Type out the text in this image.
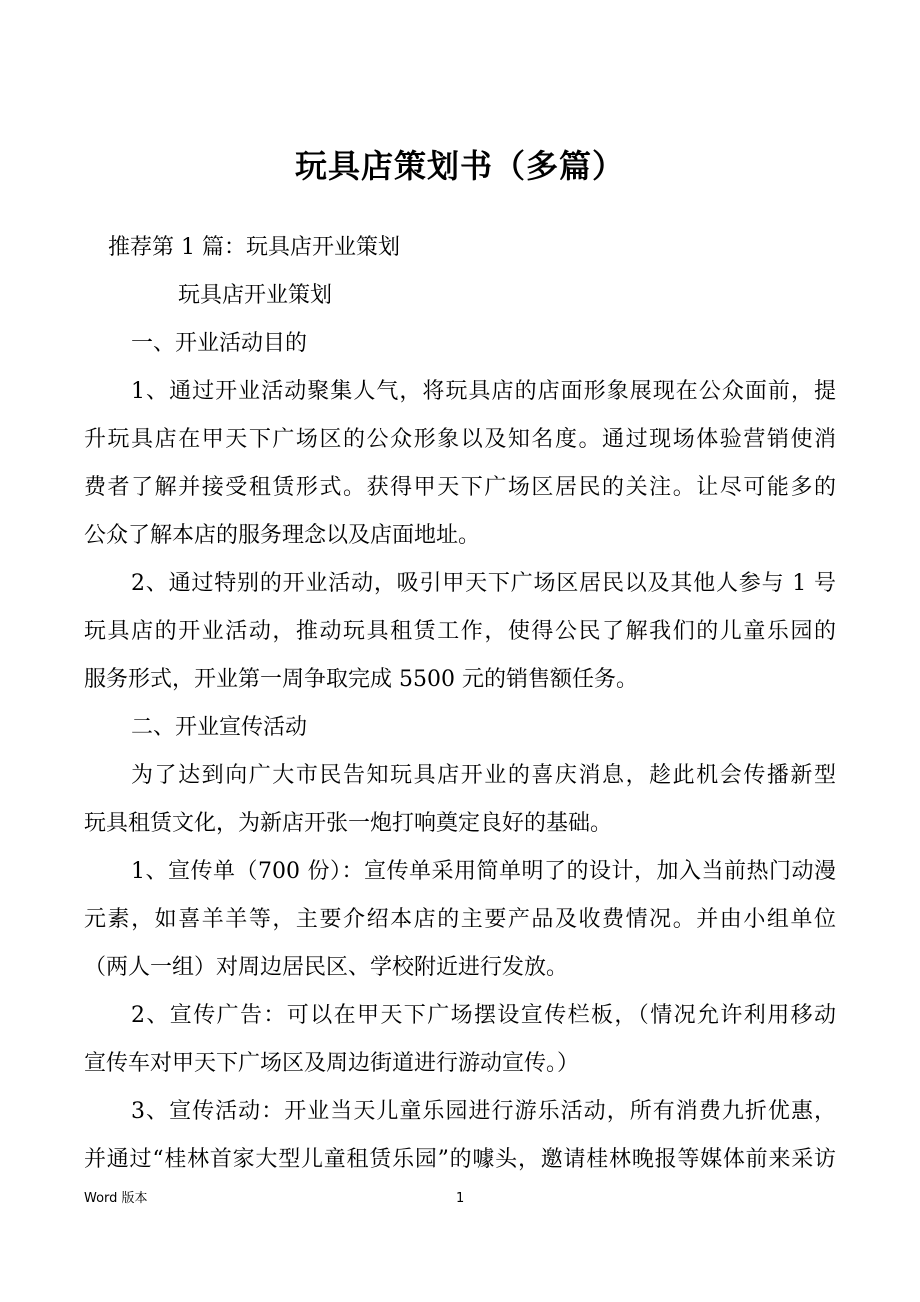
玩具店策划书（多篇）
推荐第 1 篇：玩具店开业策划
玩具店开业策划
一、开业活动目的
1、通过开业活动聚集人气，将玩具店的店面形象展现在公众面前，提
升玩具店在甲天下广场区的公众形象以及知名度。通过现场体验营销使消
费者了解并接受租赁形式。获得甲天下广场区居民的关注。让尽可能多的
公众了解本店的服务理念以及店面地址。
2、通过特别的开业活动，吸引甲天下广场区居民以及其他人参与 1 号
玩具店的开业活动，推动玩具租赁工作，使得公民了解我们的儿童乐园的
服务形式，开业第一周争取完成 5500 元的销售额任务。
二、开业宣传活动
为了达到向广大市民告知玩具店开业的喜庆消息，趁此机会传播新型
玩具租赁文化，为新店开张一炮打响奠定良好的基础。
1、宣传单（700 份）：宣传单采用简单明了的设计，加入当前热门动漫
元素，如喜羊羊等，主要介绍本店的主要产品及收费情况。并由小组单位
（两人一组）对周边居民区、学校附近进行发放。
2、宣传广告：可以在甲天下广场摆设宣传栏板，（情况允许利用移动
宣传车对甲天下广场区及周边街道进行游动宣传。）
3、宣传活动：开业当天儿童乐园进行游乐活动，所有消费九折优惠，
并通过“桂林首家大型儿童租赁乐园”的噱头，邀请桂林晚报等媒体前来采访
Word 版本	1
